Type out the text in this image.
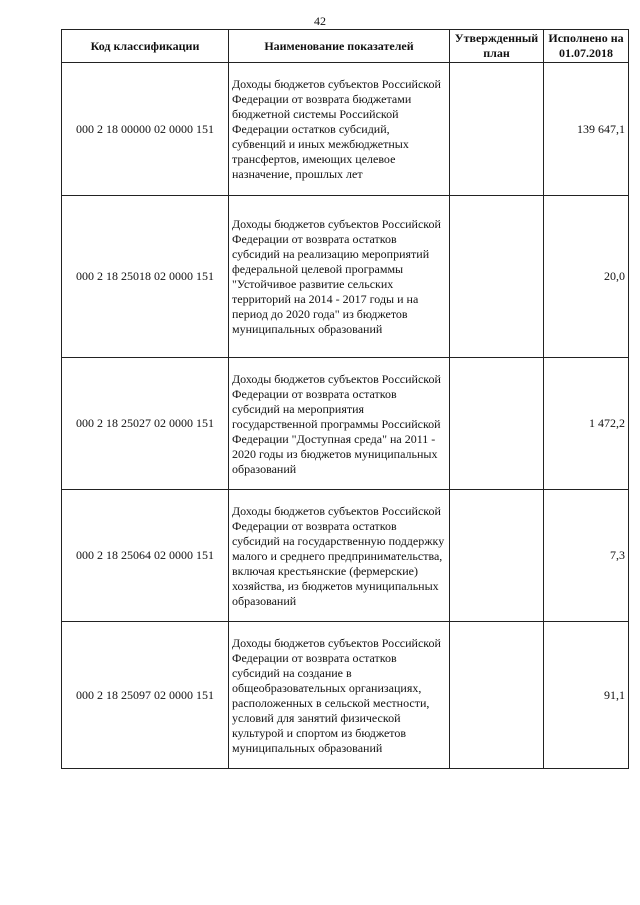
42
Код классификации	Наименование показателей	Утвержденный план	Исполнено на 01.07.2018
000 2 18 00000 02 0000 151	Доходы бюджетов субъектов Российской Федерации от возврата бюджетами бюджетной системы Российской Федерации остатков субсидий, субвенций и иных межбюджетных трансфертов, имеющих целевое назначение, прошлых лет		139 647,1
000 2 18 25018 02 0000 151	Доходы бюджетов субъектов Российской Федерации от возврата остатков субсидий на реализацию мероприятий федеральной целевой программы "Устойчивое развитие сельских территорий на 2014 - 2017 годы и на период до 2020 года" из бюджетов муниципальных образований		20,0
000 2 18 25027 02 0000 151	Доходы бюджетов субъектов Российской Федерации от возврата остатков субсидий на мероприятия государственной программы Российской Федерации "Доступная среда" на 2011 - 2020 годы из бюджетов муниципальных образований		1 472,2
000 2 18 25064 02 0000 151	Доходы бюджетов субъектов Российской Федерации от возврата остатков субсидий на государственную поддержку малого и среднего предпринимательства, включая крестьянские (фермерские) хозяйства, из бюджетов муниципальных образований		7,3
000 2 18 25097 02 0000 151	Доходы бюджетов субъектов Российской Федерации от возврата остатков субсидий на создание в общеобразовательных организациях, расположенных в сельской местности, условий для занятий физической культурой и спортом из бюджетов муниципальных образований		91,1
